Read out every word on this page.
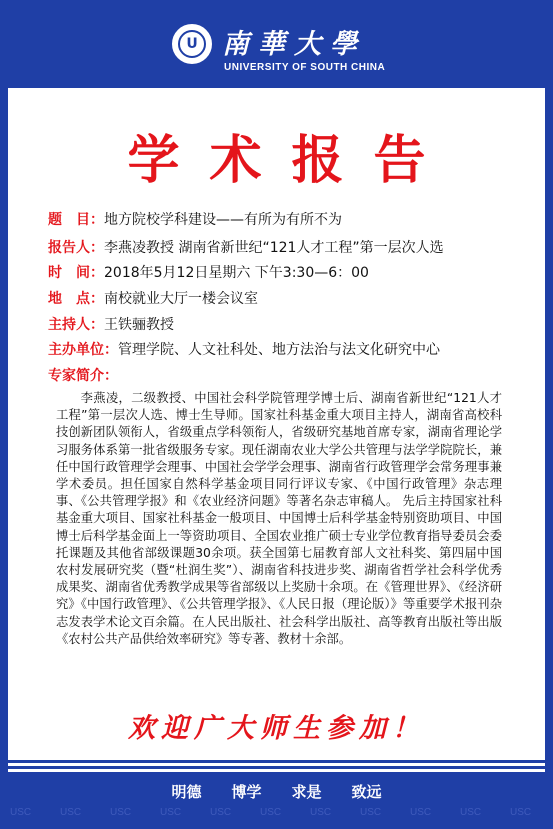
U 南華大學
UNIVERSITY OF SOUTH CHINA
学术报告
题　目：地方院校学科建设——有所为有所不为
报告人：李燕凌教授 湖南省新世纪“121人才工程”第一层次人选
时　间：2018年5月12日星期六 下午3:30—6：00
地　点：南校就业大厅一楼会议室
主持人：王铁骊教授
主办单位：管理学院、人文社科处、地方法治与法文化研究中心
专家简介：
李燕凌，二级教授、中国社会科学院管理学博士后、湖南省新世纪“121人才工程”第一层次人选、博士生导师。国家社科基金重大项目主持人，湖南省高校科技创新团队领衔人，省级重点学科领衔人，省级研究基地首席专家，湖南省理论学习服务体系第一批省级服务专家。现任湖南农业大学公共管理与法学学院院长，兼任中国行政管理学会理事、中国社会学学会理事、湖南省行政管理学会常务理事兼学术委员。担任国家自然科学基金项目同行评议专家、《中国行政管理》杂志理事、《公共管理学报》和《农业经济问题》等著名杂志审稿人。 先后主持国家社科基金重大项目、国家社科基金一般项目、中国博士后科学基金特别资助项目、中国博士后科学基金面上一等资助项目、全国农业推广硕士专业学位教育指导委员会委托课题及其他省部级课题30余项。获全国第七届教育部人文社科奖、第四届中国农村发展研究奖（暨“杜润生奖”）、湖南省科技进步奖、湖南省哲学社会科学优秀成果奖、湖南省优秀教学成果等省部级以上奖励十余项。在《管理世界》、《经济研究》《中国行政管理》、《公共管理学报》、《人民日报（理论版）》等重要学术报刊杂志发表学术论文百余篇。在人民出版社、社会科学出版社、高等教育出版社等出版《农村公共产品供给效率研究》等专著、教材十余部。
欢迎广大师生参加！
明德　　博学　　求是　　致远
USC	USC	USC	USC	USC	USC	USC	USC	USC	USC	USC
